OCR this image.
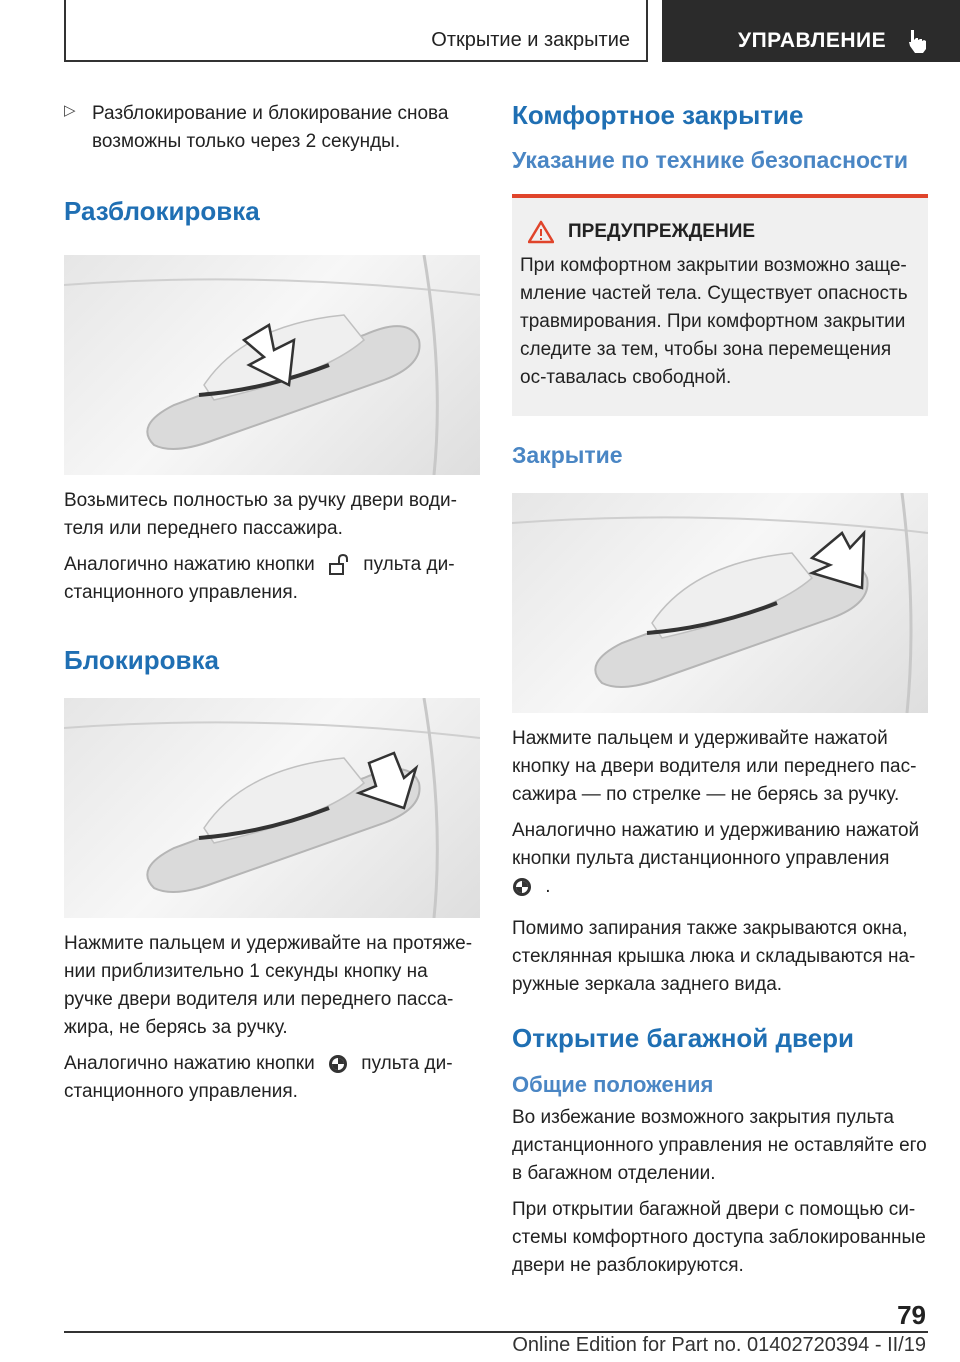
Открытие и закрытие	УПРАВЛЕНИЕ
▷ Разблокирование и блокирование снова возможны только через 2 секунды.

Разблокировка

Возьмитесь полностью за ручку двери води-теля или переднего пассажира.

Аналогично нажатию кнопки	пульта ди-станционного управления.

Блокировка

Нажмите пальцем и удерживайте на протяже-нии приблизительно 1 секунды кнопку на ручке двери водителя или переднего пасса-жира, не берясь за ручку.

Аналогично нажатию кнопки пульта ди-станционного управления.

Комфортное закрытие
Указание по технике безопасности
ПРЕДУПРЕЖДЕНИЕ

При комфортном закрытии возможно заще-мление частей тела. Существует опасность травмирования. При комфортном закрытии следите за тем, чтобы зона перемещения ос-тавалась свободной.

Закрытие

Нажмите пальцем и удерживайте нажатой кнопку на двери водителя или переднего пас-сажира — по стрелке — не берясь за ручку.

Аналогично нажатию и удерживанию нажатой кнопки пульта дистанционного управления
.

Помимо запирания также закрываются окна, стеклянная крышка люка и складываются на-ружные зеркала заднего вида.

Открытие багажной двери
Общие положения

Во избежание возможного закрытия пульта дистанционного управления не оставляйте его в багажном отделении.

При открытии багажной двери с помощью си-стемы комфортного доступа заблокированные двери не разблокируются.

79
Online Edition for Part no. 01402720394 - II/19
